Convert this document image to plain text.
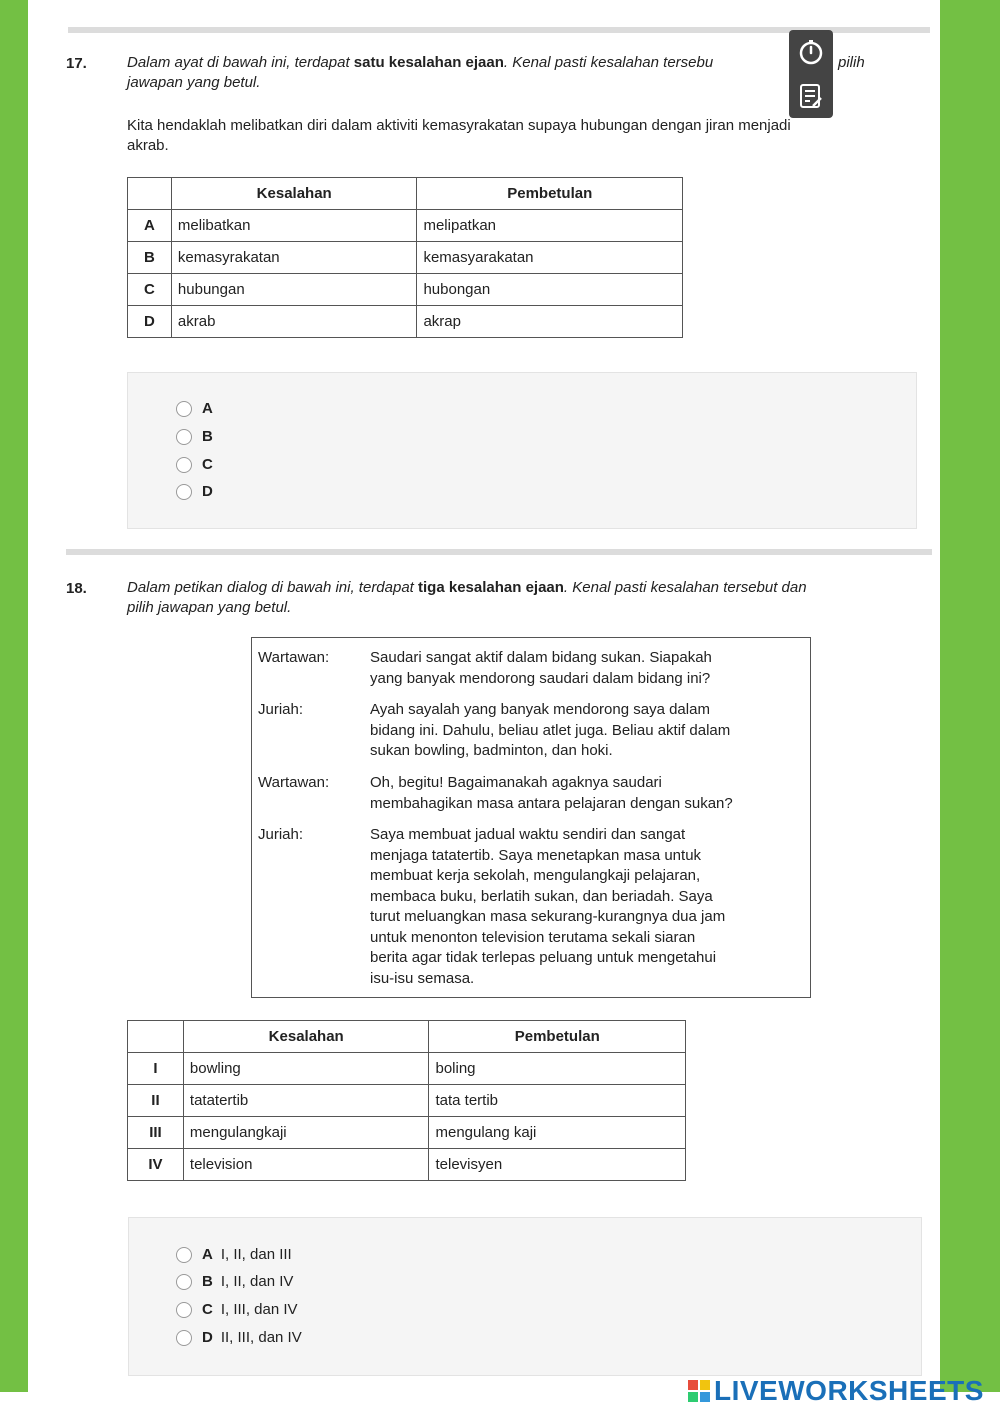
17.	Dalam ayat di bawah ini, terdapat satu kesalahan ejaan. Kenal pasti kesalahan tersebu
jawapan yang betul.
pilih
Kita hendaklah melibatkan diri dalam aktiviti kemasyrakatan supaya hubungan dengan jiran menjadi
akrab.
	Kesalahan	Pembetulan
A	melibatkan	melipatkan
B	kemasyrakatan	kemasyarakatan
C	hubungan	hubongan
D	akrab	akrap
A
B
C
D
18.	Dalam petikan dialog di bawah ini, terdapat tiga kesalahan ejaan. Kenal pasti kesalahan tersebut dan
pilih jawapan yang betul.
Wartawan:	Saudari sangat aktif dalam bidang sukan. Siapakah
yang banyak mendorong saudari dalam bidang ini?
Juriah:	Ayah sayalah yang banyak mendorong saya dalam
bidang ini. Dahulu, beliau atlet juga. Beliau aktif dalam
sukan bowling, badminton, dan hoki.
Wartawan:	Oh, begitu! Bagaimanakah agaknya saudari
membahagikan masa antara pelajaran dengan sukan?
Juriah:	Saya membuat jadual waktu sendiri dan sangat
menjaga tatatertib. Saya menetapkan masa untuk
membuat kerja sekolah, mengulangkaji pelajaran,
membaca buku, berlatih sukan, dan beriadah. Saya
turut meluangkan masa sekurang-kurangnya dua jam
untuk menonton television terutama sekali siaran
berita agar tidak terlepas peluang untuk mengetahui
isu-isu semasa.
	Kesalahan	Pembetulan
I	bowling	boling
II	tatatertib	tata tertib
III	mengulangkaji	mengulang kaji
IV	television	televisyen
A I, II, dan III
B I, II, dan IV
C I, III, dan IV
D II, III, dan IV
LIVEWORKSHEETS
